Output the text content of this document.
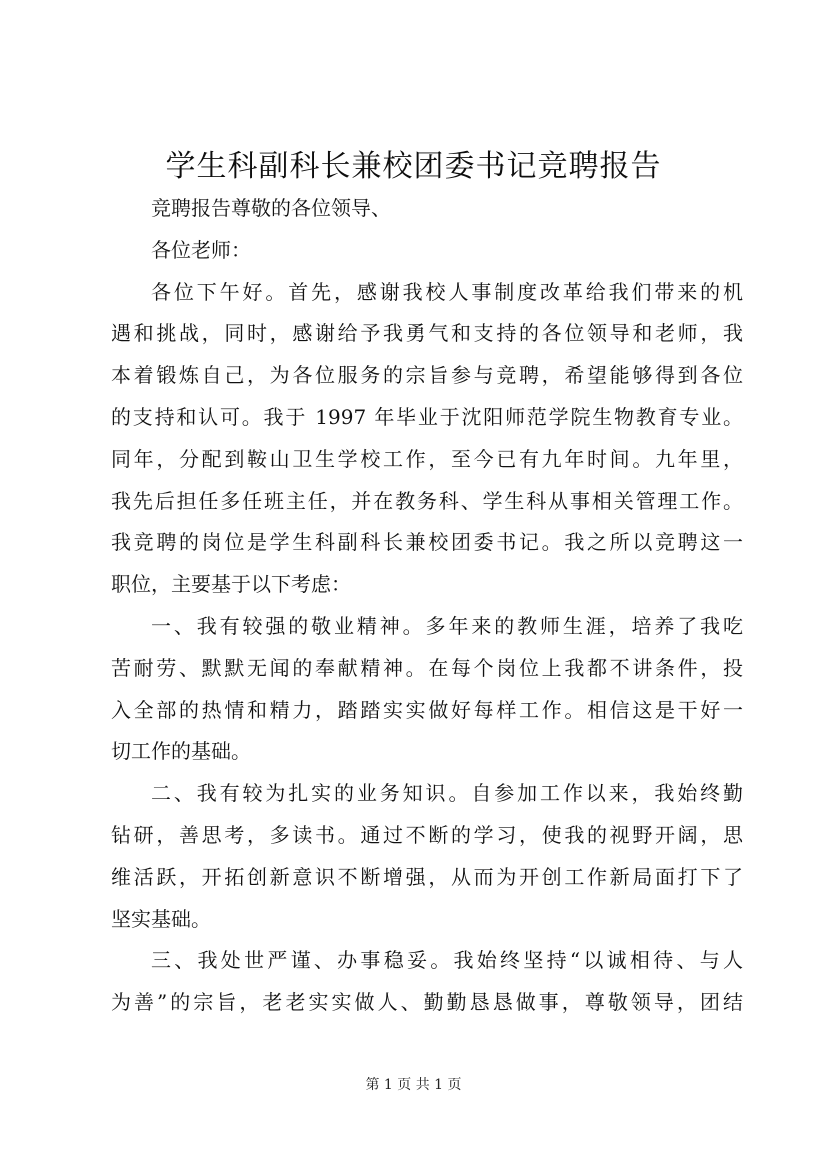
学生科副科长兼校团委书记竞聘报告
竞聘报告尊敬的各位领导、
各位老师：
各位下午好。首先，感谢我校人事制度改革给我们带来的机
遇和挑战，同时，感谢给予我勇气和支持的各位领导和老师，我
本着锻炼自己，为各位服务的宗旨参与竞聘，希望能够得到各位
的支持和认可。我于 1997 年毕业于沈阳师范学院生物教育专业。
同年，分配到鞍山卫生学校工作，至今已有九年时间。九年里，
我先后担任多任班主任，并在教务科、学生科从事相关管理工作。
我竞聘的岗位是学生科副科长兼校团委书记。我之所以竞聘这一
职位，主要基于以下考虑：
一、我有较强的敬业精神。多年来的教师生涯，培养了我吃
苦耐劳、默默无闻的奉献精神。在每个岗位上我都不讲条件，投
入全部的热情和精力，踏踏实实做好每样工作。相信这是干好一
切工作的基础。
二、我有较为扎实的业务知识。自参加工作以来，我始终勤
钻研，善思考，多读书。通过不断的学习，使我的视野开阔，思
维活跃，开拓创新意识不断增强，从而为开创工作新局面打下了
坚实基础。
三、我处世严谨、办事稳妥。我始终坚持“以诚相待、与人
为善”的宗旨，老老实实做人、勤勤恳恳做事，尊敬领导，团结
第 1 页 共 1 页
